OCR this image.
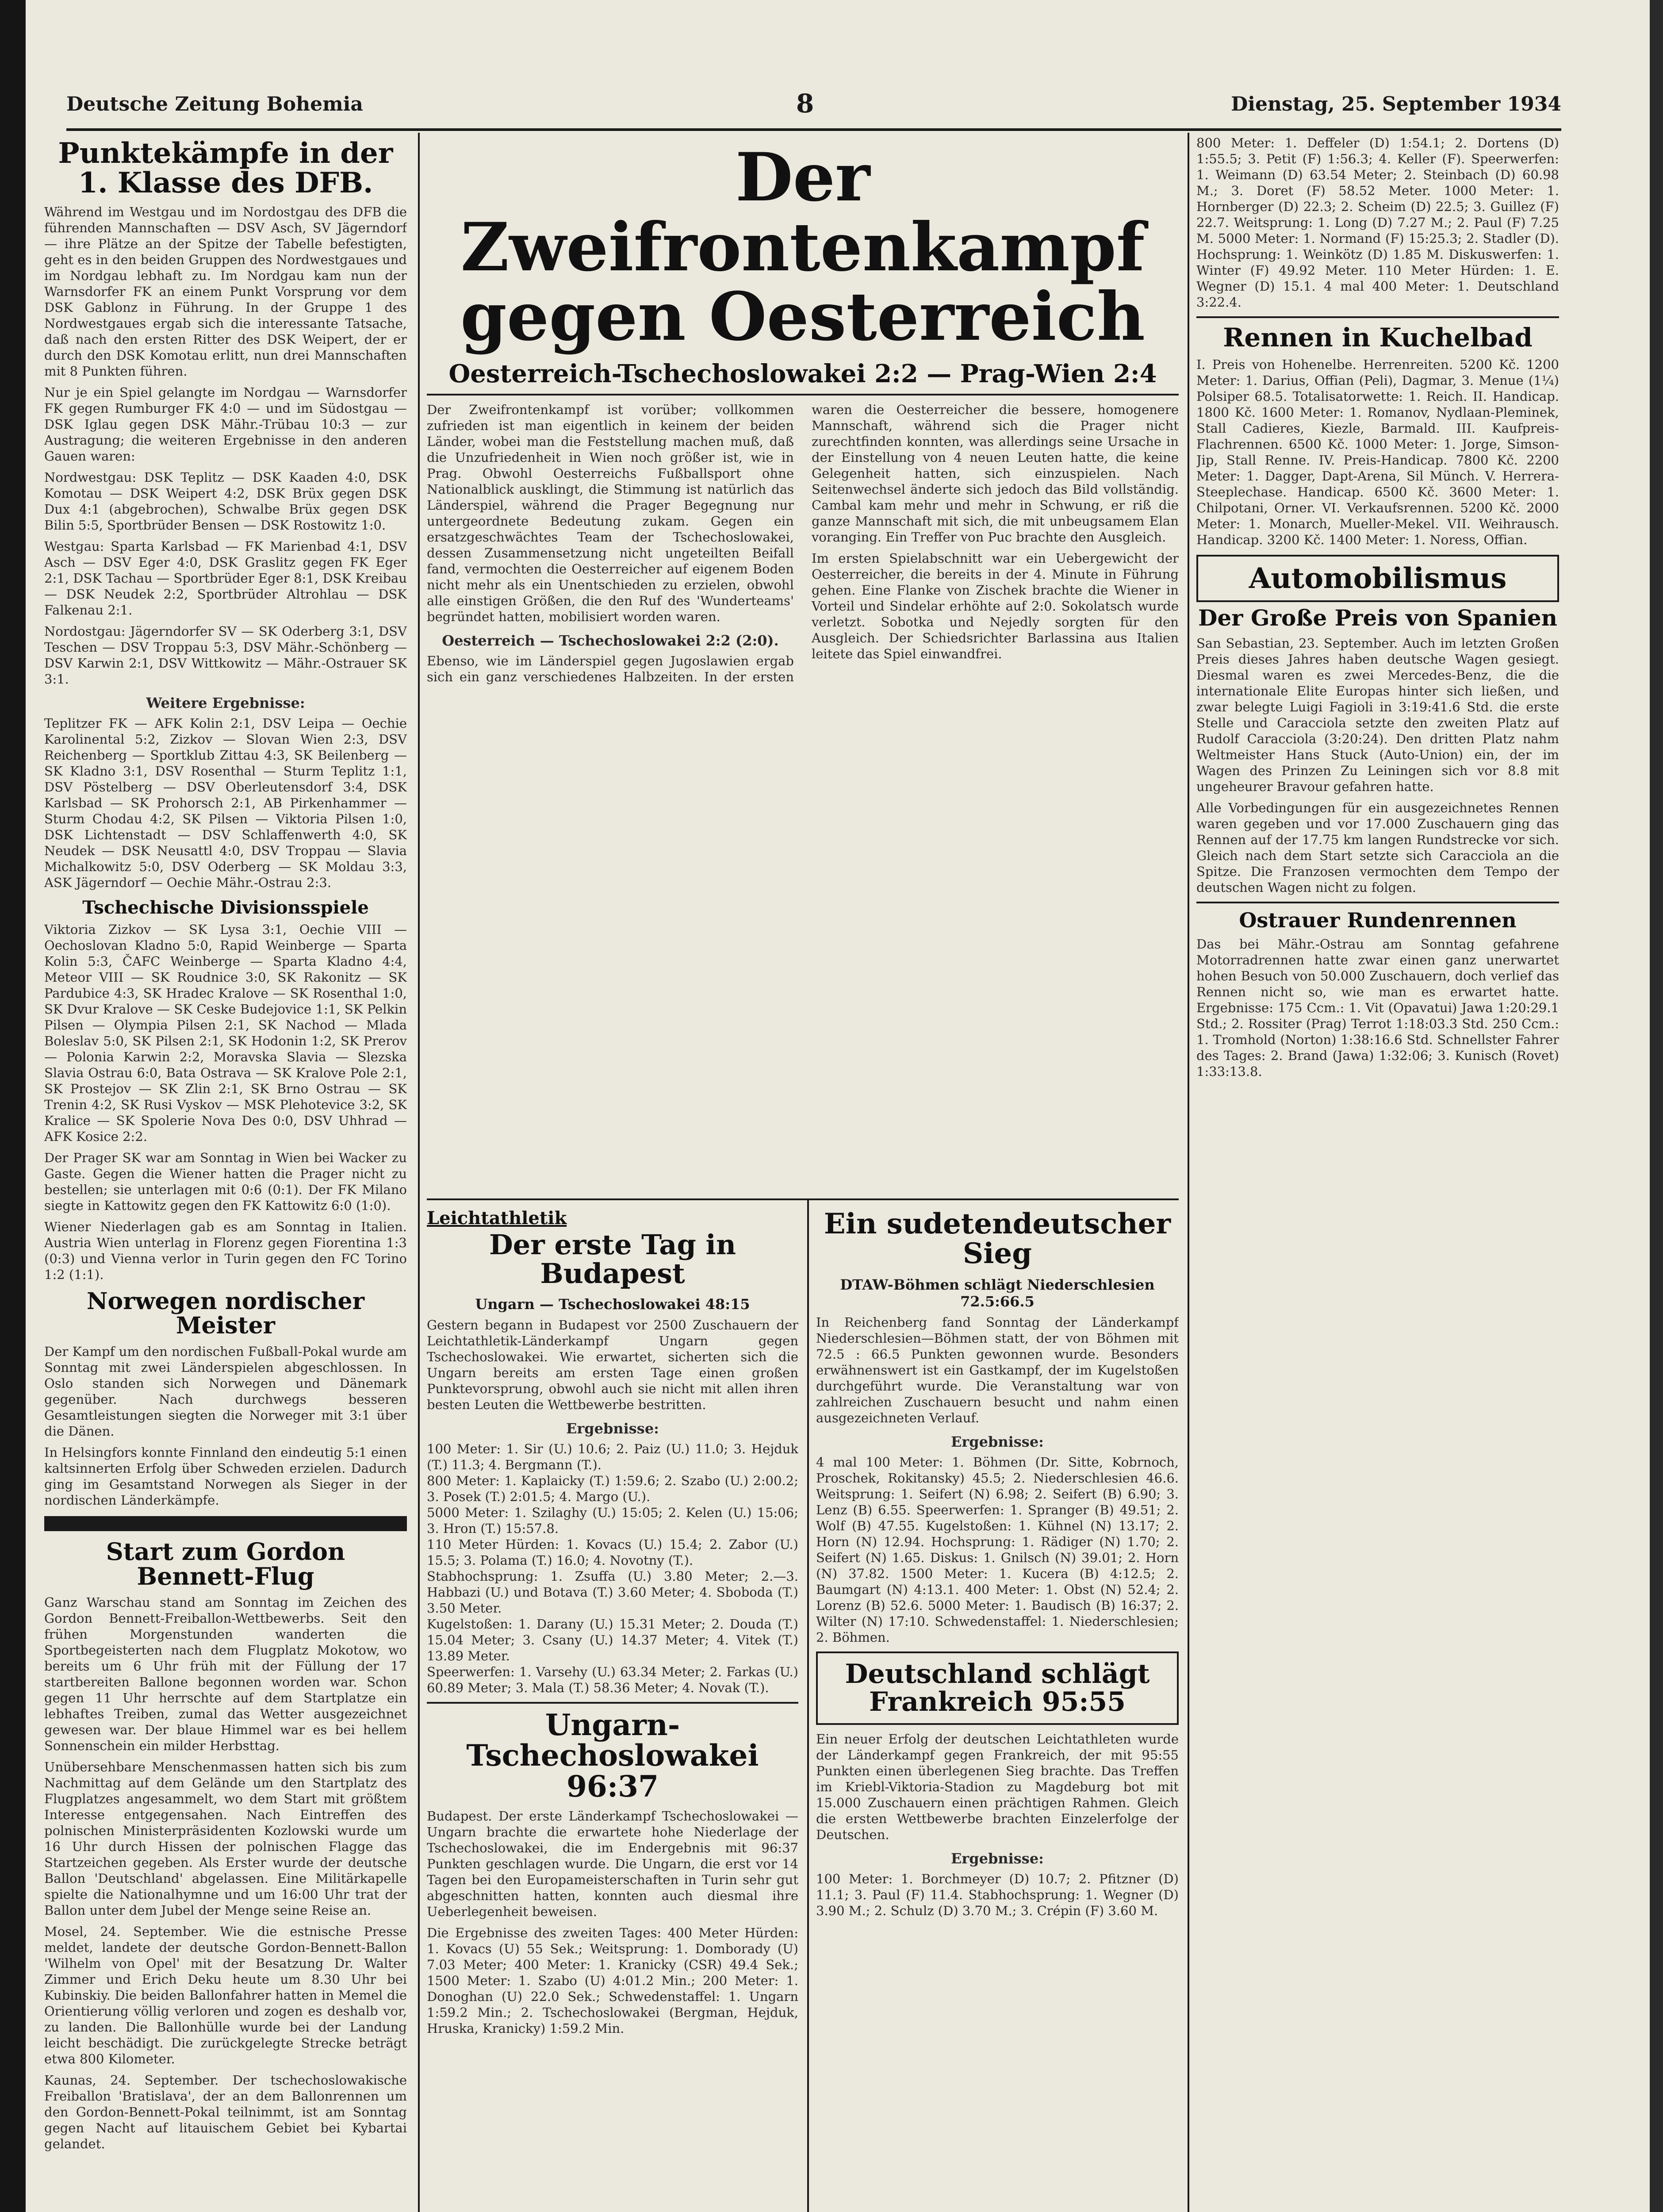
Deutsche Zeitung Bohemia	8	Dienstag, 25. September 1934
Punktekämpfe in der 1. Klasse des DFB.

Während im Westgau und im Nordostgau des DFB die führenden Mannschaften — DSV Asch, SV Jägerndorf — ihre Plätze an der Spitze der Tabelle befestigten, geht es in den beiden Gruppen des Nordwestgaues und im Nordgau lebhaft zu. Im Nordgau kam nun der Warnsdorfer FK an einem Punkt Vorsprung vor dem DSK Gablonz in Führung. In der Gruppe 1 des Nordwestgaues ergab sich die interessante Tatsache, daß nach den ersten Ritter des DSK Weipert, der er durch den DSK Komotau erlitt, nun drei Mannschaften mit 8 Punkten führen.

Nur je ein Spiel gelangte im Nordgau — Warnsdorfer FK gegen Rumburger FK 4:0 — und im Südostgau — DSK Iglau gegen DSK Mähr.-Trübau 10:3 — zur Austragung; die weiteren Ergebnisse in den anderen Gauen waren:

Nordwestgau: DSK Teplitz — DSK Kaaden 4:0, DSK Komotau — DSK Weipert 4:2, DSK Brüx gegen DSK Dux 4:1 (abgebrochen), Schwalbe Brüx gegen DSK Bilin 5:5, Sportbrüder Bensen — DSK Rostowitz 1:0.

Westgau: Sparta Karlsbad — FK Marienbad 4:1, DSV Asch — DSV Eger 4:0, DSK Graslitz gegen FK Eger 2:1, DSK Tachau — Sportbrüder Eger 8:1, DSK Kreibau — DSK Neudek 2:2, Sportbrüder Altrohlau — DSK Falkenau 2:1.

Nordostgau: Jägerndorfer SV — SK Oderberg 3:1, DSV Teschen — DSV Troppau 5:3, DSV Mähr.-Schönberg — DSV Karwin 2:1, DSV Wittkowitz — Mähr.-Ostrauer SK 3:1.

Weitere Ergebnisse:

Teplitzer FK — AFK Kolin 2:1, DSV Leipa — Oechie Karolinental 5:2, Zizkov — Slovan Wien 2:3, DSV Reichenberg — Sportklub Zittau 4:3, SK Beilenberg — SK Kladno 3:1, DSV Rosenthal — Sturm Teplitz 1:1, DSV Pöstelberg — DSV Oberleutensdorf 3:4, DSK Karlsbad — SK Prohorsch 2:1, AB Pirkenhammer — Sturm Chodau 4:2, SK Pilsen — Viktoria Pilsen 1:0, DSK Lichtenstadt — DSV Schlaffenwerth 4:0, SK Neudek — DSK Neusattl 4:0, DSV Troppau — Slavia Michalkowitz 5:0, DSV Oderberg — SK Moldau 3:3, ASK Jägerndorf — Oechie Mähr.-Ostrau 2:3.

Tschechische Divisionsspiele

Viktoria Zizkov — SK Lysa 3:1, Oechie VIII — Oechoslovan Kladno 5:0, Rapid Weinberge — Sparta Kolin 5:3, ČAFC Weinberge — Sparta Kladno 4:4, Meteor VIII — SK Roudnice 3:0, SK Rakonitz — SK Pardubice 4:3, SK Hradec Kralove — SK Rosenthal 1:0, SK Dvur Kralove — SK Ceske Budejovice 1:1, SK Pelkin Pilsen — Olympia Pilsen 2:1, SK Nachod — Mlada Boleslav 5:0, SK Pilsen 2:1, SK Hodonin 1:2, SK Prerov — Polonia Karwin 2:2, Moravska Slavia — Slezska Slavia Ostrau 6:0, Bata Ostrava — SK Kralove Pole 2:1, SK Prostejov — SK Zlin 2:1, SK Brno Ostrau — SK Trenin 4:2, SK Rusi Vyskov — MSK Plehotevice 3:2, SK Kralice — SK Spolerie Nova Des 0:0, DSV Uhhrad — AFK Kosice 2:2.

Der Prager SK war am Sonntag in Wien bei Wacker zu Gaste. Gegen die Wiener hatten die Prager nicht zu bestellen; sie unterlagen mit 0:6 (0:1). Der FK Milano siegte in Kattowitz gegen den FK Kattowitz 6:0 (1:0).

Wiener Niederlagen gab es am Sonntag in Italien. Austria Wien unterlag in Florenz gegen Fiorentina 1:3 (0:3) und Vienna verlor in Turin gegen den FC Torino 1:2 (1:1).

Norwegen nordischer Meister

Der Kampf um den nordischen Fußball-Pokal wurde am Sonntag mit zwei Länderspielen abgeschlossen. In Oslo standen sich Norwegen und Dänemark gegenüber. Nach durchwegs besseren Gesamtleistungen siegten die Norweger mit 3:1 über die Dänen.

In Helsingfors konnte Finnland den eindeutig 5:1 einen kaltsinnerten Erfolg über Schweden erzielen. Dadurch ging im Gesamtstand Norwegen als Sieger in der nordischen Länderkämpfe.

Start zum Gordon Bennett-Flug

Ganz Warschau stand am Sonntag im Zeichen des Gordon Bennett-Freiballon-Wettbewerbs. Seit den frühen Morgenstunden wanderten die Sportbegeisterten nach dem Flugplatz Mokotow, wo bereits um 6 Uhr früh mit der Füllung der 17 startbereiten Ballone begonnen worden war. Schon gegen 11 Uhr herrschte auf dem Startplatze ein lebhaftes Treiben, zumal das Wetter ausgezeichnet gewesen war. Der blaue Himmel war es bei hellem Sonnenschein ein milder Herbsttag.

Unübersehbare Menschenmassen hatten sich bis zum Nachmittag auf dem Gelände um den Startplatz des Flugplatzes angesammelt, wo dem Start mit größtem Interesse entgegensahen. Nach Eintreffen des polnischen Ministerpräsidenten Kozlowski wurde um 16 Uhr durch Hissen der polnischen Flagge das Startzeichen gegeben. Als Erster wurde der deutsche Ballon 'Deutschland' abgelassen. Eine Militärkapelle spielte die Nationalhymne und um 16:00 Uhr trat der Ballon unter dem Jubel der Menge seine Reise an.

Mosel, 24. September. Wie die estnische Presse meldet, landete der deutsche Gordon-Bennett-Ballon 'Wilhelm von Opel' mit der Besatzung Dr. Walter Zimmer und Erich Deku heute um 8.30 Uhr bei Kubinskiy. Die beiden Ballonfahrer hatten in Memel die Orientierung völlig verloren und zogen es deshalb vor, zu landen. Die Ballonhülle wurde bei der Landung leicht beschädigt. Die zurückgelegte Strecke beträgt etwa 800 Kilometer.

Kaunas, 24. September. Der tschechoslowakische Freiballon 'Bratislava', der an dem Ballonrennen um den Gordon-Bennett-Pokal teilnimmt, ist am Sonntag gegen Nacht auf litauischem Gebiet bei Kybartai gelandet.

Der Zweifrontenkampf gegen Oesterreich
Oesterreich-Tschechoslowakei 2:2 — Prag-Wien 2:4

Der Zweifrontenkampf ist vorüber; vollkommen zufrieden ist man eigentlich in keinem der beiden Länder, wobei man die Feststellung machen muß, daß die Unzufriedenheit in Wien noch größer ist, wie in Prag. Obwohl Oesterreichs Fußballsport ohne Nationalblick ausklingt, die Stimmung ist natürlich das Länderspiel, während die Prager Begegnung nur untergeordnete Bedeutung zukam. Gegen ein ersatzgeschwächtes Team der Tschechoslowakei, dessen Zusammensetzung nicht ungeteilten Beifall fand, vermochten die Oesterreicher auf eigenem Boden nicht mehr als ein Unentschieden zu erzielen, obwohl alle einstigen Größen, die den Ruf des 'Wunderteams' begründet hatten, mobilisiert worden waren.

Oesterreich — Tschechoslowakei 2:2 (2:0).

Ebenso, wie im Länderspiel gegen Jugoslawien ergab sich ein ganz verschiedenes Halbzeiten. In der ersten waren die Oesterreicher die bessere, homogenere Mannschaft, während sich die Prager nicht zurechtfinden konnten, was allerdings seine Ursache in der Einstellung von 4 neuen Leuten hatte, die keine Gelegenheit hatten, sich einzuspielen. Nach Seitenwechsel änderte sich jedoch das Bild vollständig. Cambal kam mehr und mehr in Schwung, er riß die ganze Mannschaft mit sich, die mit unbeugsamem Elan voranging. Ein Treffer von Puc brachte den Ausgleich.

Im ersten Spielabschnitt war ein Uebergewicht der Oesterreicher, die bereits in der 4. Minute in Führung gehen. Eine Flanke von Zischek brachte die Wiener in Vorteil und Sindelar erhöhte auf 2:0. Sokolatsch wurde verletzt. Sobotka und Nejedly sorgten für den Ausgleich. Der Schiedsrichter Barlassina aus Italien leitete das Spiel einwandfrei.

Leichtathletik
Der erste Tag in Budapest
Ungarn — Tschechoslowakei 48:15

Gestern begann in Budapest vor 2500 Zuschauern der Leichtathletik-Länderkampf Ungarn gegen Tschechoslowakei. Wie erwartet, sicherten sich die Ungarn bereits am ersten Tage einen großen Punktevorsprung, obwohl auch sie nicht mit allen ihren besten Leuten die Wettbewerbe bestritten.

Ergebnisse:

100 Meter: 1. Sir (U.) 10.6; 2. Paiz (U.) 11.0; 3. Hejduk (T.) 11.3; 4. Bergmann (T.).
800 Meter: 1. Kaplaicky (T.) 1:59.6; 2. Szabo (U.) 2:00.2; 3. Posek (T.) 2:01.5; 4. Margo (U.).
5000 Meter: 1. Szilaghy (U.) 15:05; 2. Kelen (U.) 15:06; 3. Hron (T.) 15:57.8.
110 Meter Hürden: 1. Kovacs (U.) 15.4; 2. Zabor (U.) 15.5; 3. Polama (T.) 16.0; 4. Novotny (T.).
Stabhochsprung: 1. Zsuffa (U.) 3.80 Meter; 2.—3. Habbazi (U.) und Botava (T.) 3.60 Meter; 4. Sboboda (T.) 3.50 Meter.
Kugelstoßen: 1. Darany (U.) 15.31 Meter; 2. Douda (T.) 15.04 Meter; 3. Csany (U.) 14.37 Meter; 4. Vitek (T.) 13.89 Meter.
Speerwerfen: 1. Varsehy (U.) 63.34 Meter; 2. Farkas (U.) 60.89 Meter; 3. Mala (T.) 58.36 Meter; 4. Novak (T.).

Ungarn-Tschechoslowakei 96:37

Budapest. Der erste Länderkampf Tschechoslowakei — Ungarn brachte die erwartete hohe Niederlage der Tschechoslowakei, die im Endergebnis mit 96:37 Punkten geschlagen wurde. Die Ungarn, die erst vor 14 Tagen bei den Europameisterschaften in Turin sehr gut abgeschnitten hatten, konnten auch diesmal ihre Ueberlegenheit beweisen.

Die Ergebnisse des zweiten Tages: 400 Meter Hürden: 1. Kovacs (U) 55 Sek.; Weitsprung: 1. Domborady (U) 7.03 Meter; 400 Meter: 1. Kranicky (CSR) 49.4 Sek.; 1500 Meter: 1. Szabo (U) 4:01.2 Min.; 200 Meter: 1. Donoghan (U) 22.0 Sek.; Schwedenstaffel: 1. Ungarn 1:59.2 Min.; 2. Tschechoslowakei (Bergman, Hejduk, Hruska, Kranicky) 1:59.2 Min.

Ein sudetendeutscher Sieg
DTAW-Böhmen schlägt Niederschlesien 72.5:66.5

In Reichenberg fand Sonntag der Länderkampf Niederschlesien—Böhmen statt, der von Böhmen mit 72.5 : 66.5 Punkten gewonnen wurde. Besonders erwähnenswert ist ein Gastkampf, der im Kugelstoßen durchgeführt wurde. Die Veranstaltung war von zahlreichen Zuschauern besucht und nahm einen ausgezeichneten Verlauf.

Ergebnisse:

4 mal 100 Meter: 1. Böhmen (Dr. Sitte, Kobrnoch, Proschek, Rokitansky) 45.5; 2. Niederschlesien 46.6. Weitsprung: 1. Seifert (N) 6.98; 2. Seifert (B) 6.90; 3. Lenz (B) 6.55. Speerwerfen: 1. Spranger (B) 49.51; 2. Wolf (B) 47.55. Kugelstoßen: 1. Kühnel (N) 13.17; 2. Horn (N) 12.94. Hochsprung: 1. Rädiger (N) 1.70; 2. Seifert (N) 1.65. Diskus: 1. Gnilsch (N) 39.01; 2. Horn (N) 37.82. 1500 Meter: 1. Kucera (B) 4:12.5; 2. Baumgart (N) 4:13.1. 400 Meter: 1. Obst (N) 52.4; 2. Lorenz (B) 52.6. 5000 Meter: 1. Baudisch (B) 16:37; 2. Wilter (N) 17:10. Schwedenstaffel: 1. Niederschlesien; 2. Böhmen.

Deutschland schlägt Frankreich 95:55

Ein neuer Erfolg der deutschen Leichtathleten wurde der Länderkampf gegen Frankreich, der mit 95:55 Punkten einen überlegenen Sieg brachte. Das Treffen im Kriebl-Viktoria-Stadion zu Magdeburg bot mit 15.000 Zuschauern einen prächtigen Rahmen. Gleich die ersten Wettbewerbe brachten Einzelerfolge der Deutschen.

Ergebnisse:

100 Meter: 1. Borchmeyer (D) 10.7; 2. Pfitzner (D) 11.1; 3. Paul (F) 11.4. Stabhochsprung: 1. Wegner (D) 3.90 M.; 2. Schulz (D) 3.70 M.; 3. Crépin (F) 3.60 M.

800 Meter: 1. Deffeler (D) 1:54.1; 2. Dortens (D) 1:55.5; 3. Petit (F) 1:56.3; 4. Keller (F). Speerwerfen: 1. Weimann (D) 63.54 Meter; 2. Steinbach (D) 60.98 M.; 3. Doret (F) 58.52 Meter. 1000 Meter: 1. Hornberger (D) 22.3; 2. Scheim (D) 22.5; 3. Guillez (F) 22.7. Weitsprung: 1. Long (D) 7.27 M.; 2. Paul (F) 7.25 M. 5000 Meter: 1. Normand (F) 15:25.3; 2. Stadler (D). Hochsprung: 1. Weinkötz (D) 1.85 M. Diskuswerfen: 1. Winter (F) 49.92 Meter. 110 Meter Hürden: 1. E. Wegner (D) 15.1. 4 mal 400 Meter: 1. Deutschland 3:22.4.

Rennen in Kuchelbad

I. Preis von Hohenelbe. Herrenreiten. 5200 Kč. 1200 Meter: 1. Darius, Offian (Peli), Dagmar, 3. Menue (1¼) Polsiper 68.5. Totalisatorwette: 1. Reich. II. Handicap. 1800 Kč. 1600 Meter: 1. Romanov, Nydlaan-Pleminek, Stall Cadieres, Kiezle, Barmald. III. Kaufpreis-Flachrennen. 6500 Kč. 1000 Meter: 1. Jorge, Simson-Jip, Stall Renne. IV. Preis-Handicap. 7800 Kč. 2200 Meter: 1. Dagger, Dapt-Arena, Sil Münch. V. Herrera-Steeplechase. Handicap. 6500 Kč. 3600 Meter: 1. Chilpotani, Orner. VI. Verkaufsrennen. 5200 Kč. 2000 Meter: 1. Monarch, Mueller-Mekel. VII. Weihrausch. Handicap. 3200 Kč. 1400 Meter: 1. Noress, Offian.

Automobilismus
Der Große Preis von Spanien

San Sebastian, 23. September. Auch im letzten Großen Preis dieses Jahres haben deutsche Wagen gesiegt. Diesmal waren es zwei Mercedes-Benz, die die internationale Elite Europas hinter sich ließen, und zwar belegte Luigi Fagioli in 3:19:41.6 Std. die erste Stelle und Caracciola setzte den zweiten Platz auf Rudolf Caracciola (3:20:24). Den dritten Platz nahm Weltmeister Hans Stuck (Auto-Union) ein, der im Wagen des Prinzen Zu Leiningen sich vor 8.8 mit ungeheurer Bravour gefahren hatte.

Alle Vorbedingungen für ein ausgezeichnetes Rennen waren gegeben und vor 17.000 Zuschauern ging das Rennen auf der 17.75 km langen Rundstrecke vor sich. Gleich nach dem Start setzte sich Caracciola an die Spitze. Die Franzosen vermochten dem Tempo der deutschen Wagen nicht zu folgen.

Ostrauer Rundenrennen

Das bei Mähr.-Ostrau am Sonntag gefahrene Motorradrennen hatte zwar einen ganz unerwartet hohen Besuch von 50.000 Zuschauern, doch verlief das Rennen nicht so, wie man es erwartet hatte. Ergebnisse: 175 Ccm.: 1. Vit (Opavatui) Jawa 1:20:29.1 Std.; 2. Rossiter (Prag) Terrot 1:18:03.3 Std. 250 Ccm.: 1. Tromhold (Norton) 1:38:16.6 Std. Schnellster Fahrer des Tages: 2. Brand (Jawa) 1:32:06; 3. Kunisch (Rovet) 1:33:13.8.
